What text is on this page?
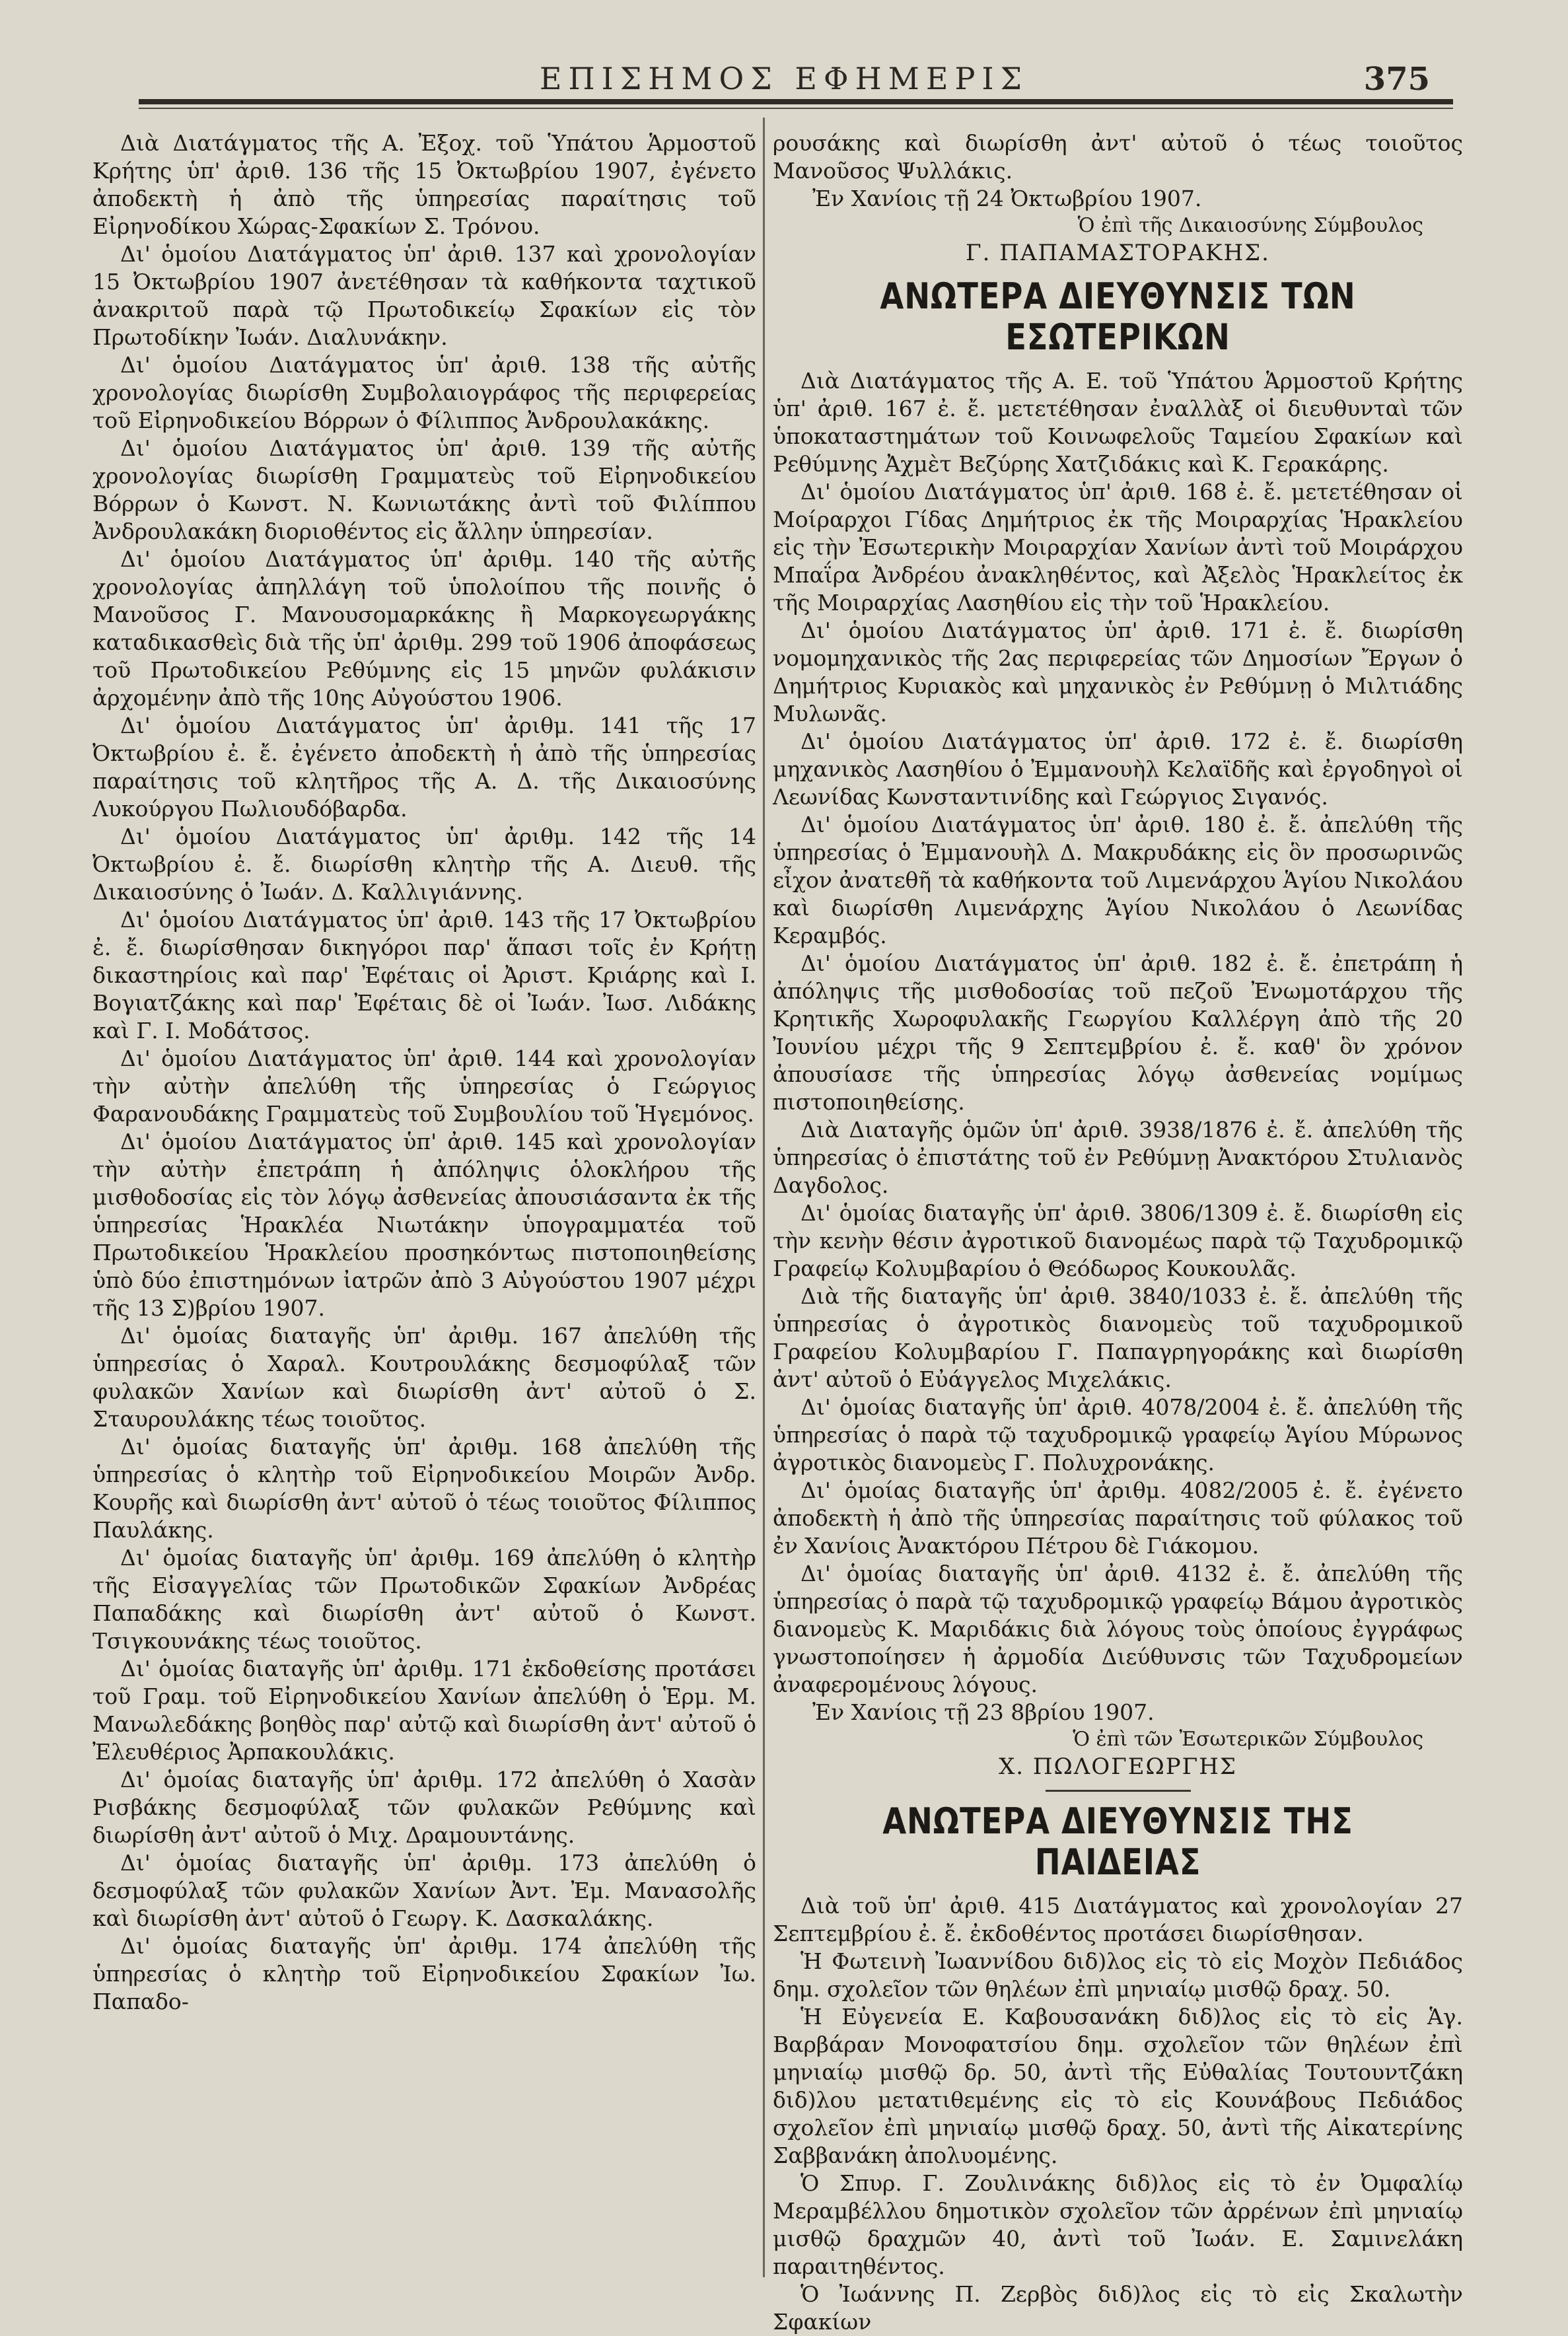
ΕΠΙΣΗΜΟΣ ΕΦΗΜΕΡΙΣ	375

Διὰ Διατάγματος τῆς Α. Ἐξοχ. τοῦ Ὑπάτου Ἁρμοστοῦ Κρήτης ὑπ' ἀριθ. 136 τῆς 15 Ὀκτωβρίου 1907, ἐγένετο ἀποδεκτὴ ἡ ἀπὸ τῆς ὑπηρεσίας παραίτησις τοῦ Εἰρηνοδίκου Χώρας-Σφακίων Σ. Τρόνου.

Δι' ὁμοίου Διατάγματος ὑπ' ἀριθ. 137 καὶ χρονολογίαν 15 Ὀκτωβρίου 1907 ἀνετέθησαν τὰ καθήκοντα ταχτικοῦ ἀνακριτοῦ παρὰ τῷ Πρωτοδικείῳ Σφακίων εἰς τὸν Πρωτοδίκην Ἰωάν. Διαλυνάκην.

Δι' ὁμοίου Διατάγματος ὑπ' ἀριθ. 138 τῆς αὐτῆς χρονολογίας διωρίσθη Συμβολαιογράφος τῆς περιφερείας τοῦ Εἰρηνοδικείου Βόρρων ὁ Φίλιππος Ἀνδρουλακάκης.

Δι' ὁμοίου Διατάγματος ὑπ' ἀριθ. 139 τῆς αὐτῆς χρονολογίας διωρίσθη Γραμματεὺς τοῦ Εἰρηνοδικείου Βόρρων ὁ Κωνστ. Ν. Κωνιωτάκης ἀντὶ τοῦ Φιλίππου Ἀνδρουλακάκη διοριοθέντος εἰς ἄλλην ὑπηρεσίαν.

Δι' ὁμοίου Διατάγματος ὑπ' ἀριθμ. 140 τῆς αὐτῆς χρονολογίας ἀπηλλάγη τοῦ ὑπολοίπου τῆς ποινῆς ὁ Μανοῦσος Γ. Μανουσομαρκάκης ἢ Μαρκογεωργάκης καταδικασθεὶς διὰ τῆς ὑπ' ἀριθμ. 299 τοῦ 1906 ἀποφάσεως τοῦ Πρωτοδικείου Ρεθύμνης εἰς 15 μηνῶν φυλάκισιν ἀρχομένην ἀπὸ τῆς 10ης Αὐγούστου 1906.

Δι' ὁμοίου Διατάγματος ὑπ' ἀριθμ. 141 τῆς 17 Ὀκτωβρίου ἐ. ἔ. ἐγένετο ἀποδεκτὴ ἡ ἀπὸ τῆς ὑπηρεσίας παραίτησις τοῦ κλητῆρος τῆς Α. Δ. τῆς Δικαιοσύνης Λυκούργου Πωλιουδόβαρδα.

Δι' ὁμοίου Διατάγματος ὑπ' ἀριθμ. 142 τῆς 14 Ὀκτωβρίου ἐ. ἔ. διωρίσθη κλητὴρ τῆς Α. Διευθ. τῆς Δικαιοσύνης ὁ Ἰωάν. Δ. Καλλιγιάννης.

Δι' ὁμοίου Διατάγματος ὑπ' ἀριθ. 143 τῆς 17 Ὀκτωβρίου ἐ. ἔ. διωρίσθησαν δικηγόροι παρ' ἅπασι τοῖς ἐν Κρήτῃ δικαστηρίοις καὶ παρ' Ἐφέταις οἱ Ἀριστ. Κριάρης καὶ Ι. Βογιατζάκης καὶ παρ' Ἐφέταις δὲ οἱ Ἰωάν. Ἰωσ. Λιδάκης καὶ Γ. Ι. Μοδάτσος.

Δι' ὁμοίου Διατάγματος ὑπ' ἀριθ. 144 καὶ χρονολογίαν τὴν αὐτὴν ἀπελύθη τῆς ὑπηρεσίας ὁ Γεώργιος Φαρανουδάκης Γραμματεὺς τοῦ Συμβουλίου τοῦ Ἡγεμόνος.

Δι' ὁμοίου Διατάγματος ὑπ' ἀριθ. 145 καὶ χρονολογίαν τὴν αὐτὴν ἐπετράπη ἡ ἀπόληψις ὁλοκλήρου τῆς μισθοδοσίας εἰς τὸν λόγῳ ἀσθενείας ἀπουσιάσαντα ἐκ τῆς ὑπηρεσίας Ἡρακλέα Νιωτάκην ὑπογραμματέα τοῦ Πρωτοδικείου Ἡρακλείου προσηκόντως πιστοποιηθείσης ὑπὸ δύο ἐπιστημόνων ἰατρῶν ἀπὸ 3 Αὐγούστου 1907 μέχρι τῆς 13 Σ)βρίου 1907.

Δι' ὁμοίας διαταγῆς ὑπ' ἀριθμ. 167 ἀπελύθη τῆς ὑπηρεσίας ὁ Χαραλ. Κουτρουλάκης δεσμοφύλαξ τῶν φυλακῶν Χανίων καὶ διωρίσθη ἀντ' αὐτοῦ ὁ Σ. Σταυρουλάκης τέως τοιοῦτος.

Δι' ὁμοίας διαταγῆς ὑπ' ἀριθμ. 168 ἀπελύθη τῆς ὑπηρεσίας ὁ κλητὴρ τοῦ Εἰρηνοδικείου Μοιρῶν Ἀνδρ. Κουρῆς καὶ διωρίσθη ἀντ' αὐτοῦ ὁ τέως τοιοῦτος Φίλιππος Παυλάκης.

Δι' ὁμοίας διαταγῆς ὑπ' ἀριθμ. 169 ἀπελύθη ὁ κλητὴρ τῆς Εἰσαγγελίας τῶν Πρωτοδικῶν Σφακίων Ἀνδρέας Παπαδάκης καὶ διωρίσθη ἀντ' αὐτοῦ ὁ Κωνστ. Τσιγκουνάκης τέως τοιοῦτος.

Δι' ὁμοίας διαταγῆς ὑπ' ἀριθμ. 171 ἐκδοθείσης προτάσει τοῦ Γραμ. τοῦ Εἰρηνοδικείου Χανίων ἀπελύθη ὁ Ἑρμ. Μ. Μανωλεδάκης βοηθὸς παρ' αὐτῷ καὶ διωρίσθη ἀντ' αὐτοῦ ὁ Ἐλευθέριος Ἀρπακουλάκις.

Δι' ὁμοίας διαταγῆς ὑπ' ἀριθμ. 172 ἀπελύθη ὁ Χασὰν Ρισβάκης δεσμοφύλαξ τῶν φυλακῶν Ρεθύμνης καὶ διωρίσθη ἀντ' αὐτοῦ ὁ Μιχ. Δραμουντάνης.

Δι' ὁμοίας διαταγῆς ὑπ' ἀριθμ. 173 ἀπελύθη ὁ δεσμοφύλαξ τῶν φυλακῶν Χανίων Ἀντ. Ἐμ. Μανασολῆς καὶ διωρίσθη ἀντ' αὐτοῦ ὁ Γεωργ. Κ. Δασκαλάκης.

Δι' ὁμοίας διαταγῆς ὑπ' ἀριθμ. 174 ἀπελύθη τῆς ὑπηρεσίας ὁ κλητὴρ τοῦ Εἰρηνοδικείου Σφακίων Ἰω. Παπαδο-

ρουσάκης καὶ διωρίσθη ἀντ' αὐτοῦ ὁ τέως τοιοῦτος Μανοῦσος Ψυλλάκις.

Ἐν Χανίοις τῇ 24 Ὀκτωβρίου 1907.

Ὁ ἐπὶ τῆς Δικαιοσύνης Σύμβουλος

Γ. ΠΑΠΑΜΑΣΤΟΡΑΚΗΣ.

ΑΝΩΤΕΡΑ ΔΙΕΥΘΥΝΣΙΣ ΤΩΝ ΕΣΩΤΕΡΙΚΩΝ

Διὰ Διατάγματος τῆς Α. Ε. τοῦ Ὑπάτου Ἁρμοστοῦ Κρήτης ὑπ' ἀριθ. 167 ἐ. ἔ. μετετέθησαν ἐναλλὰξ οἱ διευθυνταὶ τῶν ὑποκαταστημάτων τοῦ Κοινωφελοῦς Ταμείου Σφακίων καὶ Ρεθύμνης Ἀχμὲτ Βεζύρης Χατζιδάκις καὶ Κ. Γερακάρης.

Δι' ὁμοίου Διατάγματος ὑπ' ἀριθ. 168 ἐ. ἔ. μετετέθησαν οἱ Μοίραρχοι Γίδας Δημήτριος ἐκ τῆς Μοιραρχίας Ἡρακλείου εἰς τὴν Ἐσωτερικὴν Μοιραρχίαν Χανίων ἀντὶ τοῦ Μοιράρχου Μπαΐρα Ἀνδρέου ἀνακληθέντος, καὶ Ἀξελὸς Ἡρακλείτος ἐκ τῆς Μοιραρχίας Λασηθίου εἰς τὴν τοῦ Ἡρακλείου.

Δι' ὁμοίου Διατάγματος ὑπ' ἀριθ. 171 ἐ. ἔ. διωρίσθη νομομηχανικὸς τῆς 2ας περιφερείας τῶν Δημοσίων Ἔργων ὁ Δημήτριος Κυριακὸς καὶ μηχανικὸς ἐν Ρεθύμνῃ ὁ Μιλτιάδης Μυλωνᾶς.

Δι' ὁμοίου Διατάγματος ὑπ' ἀριθ. 172 ἐ. ἔ. διωρίσθη μηχανικὸς Λασηθίου ὁ Ἐμμανουὴλ Κελαϊδῆς καὶ ἐργοδηγοὶ οἱ Λεωνίδας Κωνσταντινίδης καὶ Γεώργιος Σιγανός.

Δι' ὁμοίου Διατάγματος ὑπ' ἀριθ. 180 ἐ. ἔ. ἀπελύθη τῆς ὑπηρεσίας ὁ Ἐμμανουὴλ Δ. Μακρυδάκης εἰς ὃν προσωρινῶς εἶχον ἀνατεθῆ τὰ καθήκοντα τοῦ Λιμενάρχου Ἁγίου Νικολάου καὶ διωρίσθη Λιμενάρχης Ἁγίου Νικολάου ὁ Λεωνίδας Κεραμβός.

Δι' ὁμοίου Διατάγματος ὑπ' ἀριθ. 182 ἐ. ἔ. ἐπετράπη ἡ ἀπόληψις τῆς μισθοδοσίας τοῦ πεζοῦ Ἐνωμοτάρχου τῆς Κρητικῆς Χωροφυλακῆς Γεωργίου Καλλέργη ἀπὸ τῆς 20 Ἰουνίου μέχρι τῆς 9 Σεπτεμβρίου ἐ. ἔ. καθ' ὃν χρόνον ἀπουσίασε τῆς ὑπηρεσίας λόγῳ ἀσθενείας νομίμως πιστοποιηθείσης.

Διὰ Διαταγῆς ὁμῶν ὑπ' ἀριθ. 3938/1876 ἐ. ἔ. ἀπελύθη τῆς ὑπηρεσίας ὁ ἐπιστάτης τοῦ ἐν Ρεθύμνῃ Ἀνακτόρου Στυλιανὸς Δαγδολος.

Δι' ὁμοίας διαταγῆς ὑπ' ἀριθ. 3806/1309 ἐ. ἔ. διωρίσθη εἰς τὴν κενὴν θέσιν ἀγροτικοῦ διανομέως παρὰ τῷ Ταχυδρομικῷ Γραφείῳ Κολυμβαρίου ὁ Θεόδωρος Κουκουλᾶς.

Διὰ τῆς διαταγῆς ὑπ' ἀριθ. 3840/1033 ἐ. ἔ. ἀπελύθη τῆς ὑπηρεσίας ὁ ἀγροτικὸς διανομεὺς τοῦ ταχυδρομικοῦ Γραφείου Κολυμβαρίου Γ. Παπαγρηγοράκης καὶ διωρίσθη ἀντ' αὐτοῦ ὁ Εὐάγγελος Μιχελάκις.

Δι' ὁμοίας διαταγῆς ὑπ' ἀριθ. 4078/2004 ἐ. ἔ. ἀπελύθη τῆς ὑπηρεσίας ὁ παρὰ τῷ ταχυδρομικῷ γραφείῳ Ἁγίου Μύρωνος ἀγροτικὸς διανομεὺς Γ. Πολυχρονάκης.

Δι' ὁμοίας διαταγῆς ὑπ' ἀριθμ. 4082/2005 ἐ. ἔ. ἐγένετο ἀποδεκτὴ ἡ ἀπὸ τῆς ὑπηρεσίας παραίτησις τοῦ φύλακος τοῦ ἐν Χανίοις Ἀνακτόρου Πέτρου δὲ Γιάκομου.

Δι' ὁμοίας διαταγῆς ὑπ' ἀριθ. 4132 ἐ. ἔ. ἀπελύθη τῆς ὑπηρεσίας ὁ παρὰ τῷ ταχυδρομικῷ γραφείῳ Βάμου ἀγροτικὸς διανομεὺς Κ. Μαριδάκις διὰ λόγους τοὺς ὁποίους ἐγγράφως γνωστοποίησεν ἡ ἀρμοδία Διεύθυνσις τῶν Ταχυδρομείων ἀναφερομένους λόγους.

Ἐν Χανίοις τῇ 23 8βρίου 1907.

Ὁ ἐπὶ τῶν Ἐσωτερικῶν Σύμβουλος

Χ. ΠΩΛΟΓΕΩΡΓΗΣ

ΑΝΩΤΕΡΑ ΔΙΕΥΘΥΝΣΙΣ ΤΗΣ ΠΑΙΔΕΙΑΣ

Διὰ τοῦ ὑπ' ἀριθ. 415 Διατάγματος καὶ χρονολογίαν 27 Σεπτεμβρίου ἐ. ἔ. ἐκδοθέντος προτάσει διωρίσθησαν.

Ἡ Φωτεινὴ Ἰωαννίδου διδ)λος εἰς τὸ εἰς Μοχὸν Πεδιάδος δημ. σχολεῖον τῶν θηλέων ἐπὶ μηνιαίῳ μισθῷ δραχ. 50.

Ἡ Εὐγενεία Ε. Καβουσανάκη διδ)λος εἰς τὸ εἰς Ἁγ. Βαρβάραν Μονοφατσίου δημ. σχολεῖον τῶν θηλέων ἐπὶ μηνιαίῳ μισθῷ δρ. 50, ἀντὶ τῆς Εὐθαλίας Τουτουντζάκη διδ)λου μετατιθεμένης εἰς τὸ εἰς Κουνάβους Πεδιάδος σχολεῖον ἐπὶ μηνιαίῳ μισθῷ δραχ. 50, ἀντὶ τῆς Αἰκατερίνης Σαββανάκη ἀπολυομένης.

Ὁ Σπυρ. Γ. Ζουλινάκης διδ)λος εἰς τὸ ἐν Ὀμφαλίῳ Μεραμβέλλου δημοτικὸν σχολεῖον τῶν ἀρρένων ἐπὶ μηνιαίῳ μισθῷ δραχμῶν 40, ἀντὶ τοῦ Ἰωάν. Ε. Σαμινελάκη παραιτηθέντος.

Ὁ Ἰωάννης Π. Ζερβὸς διδ)λος εἰς τὸ εἰς Σκαλωτὴν Σφακίων
